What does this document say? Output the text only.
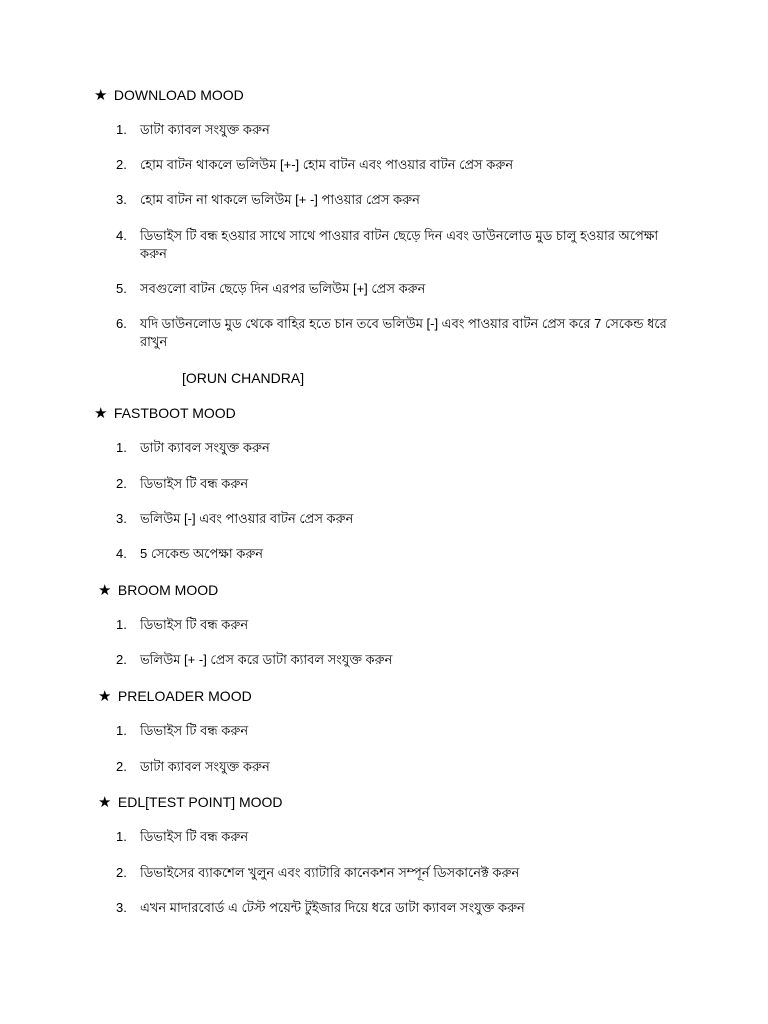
★ DOWNLOAD MOOD
1.	ডাটা ক্যাবল সংযুক্ত করুন
2.	হোম বাটন থাকলে ভলিউম [+-] হোম বাটন এবং পাওয়ার বাটন প্রেস করুন
3.	হোম বাটন না থাকলে ভলিউম [+ -] পাওয়ার প্রেস করুন
4.	ডিভাইস টি বন্ধ হওয়ার সাথে সাথে পাওয়ার বাটন ছেড়ে দিন এবং ডাউনলোড মুড চালু হওয়ার অপেক্ষা করুন
5.	সবগুলো বাটন ছেড়ে দিন এরপর ভলিউম [+] প্রেস করুন
6.	যদি ডাউনলোড মুড থেকে বাহির হতে চান তবে ভলিউম [-] এবং পাওয়ার বাটন প্রেস করে 7 সেকেন্ড ধরে রাখুন
[ORUN CHANDRA]
★ FASTBOOT MOOD
1.	ডাটা ক্যাবল সংযুক্ত করুন
2.	ডিভাইস টি বন্ধ করুন
3.	ভলিউম [-] এবং পাওয়ার বাটন প্রেস করুন
4.	5 সেকেন্ড অপেক্ষা করুন
★ BROOM MOOD
1.	ডিভাইস টি বন্ধ করুন
2.	ভলিউম [+ -] প্রেস করে ডাটা ক্যাবল সংযুক্ত করুন
★ PRELOADER MOOD
1.	ডিভাইস টি বন্ধ করুন
2.	ডাটা ক্যাবল সংযুক্ত করুন
★ EDL[TEST POINT] MOOD
1.	ডিভাইস টি বন্ধ করুন
2.	ডিভাইসের ব্যাকশেল খুলুন এবং ব্যাটারি কানেকশন সম্পূর্ন ডিসকানেক্ট করুন
3.	এখন মাদারবোর্ড এ টেস্ট পয়েন্ট টুইজার দিয়ে ধরে ডাটা ক্যাবল সংযুক্ত করুন
